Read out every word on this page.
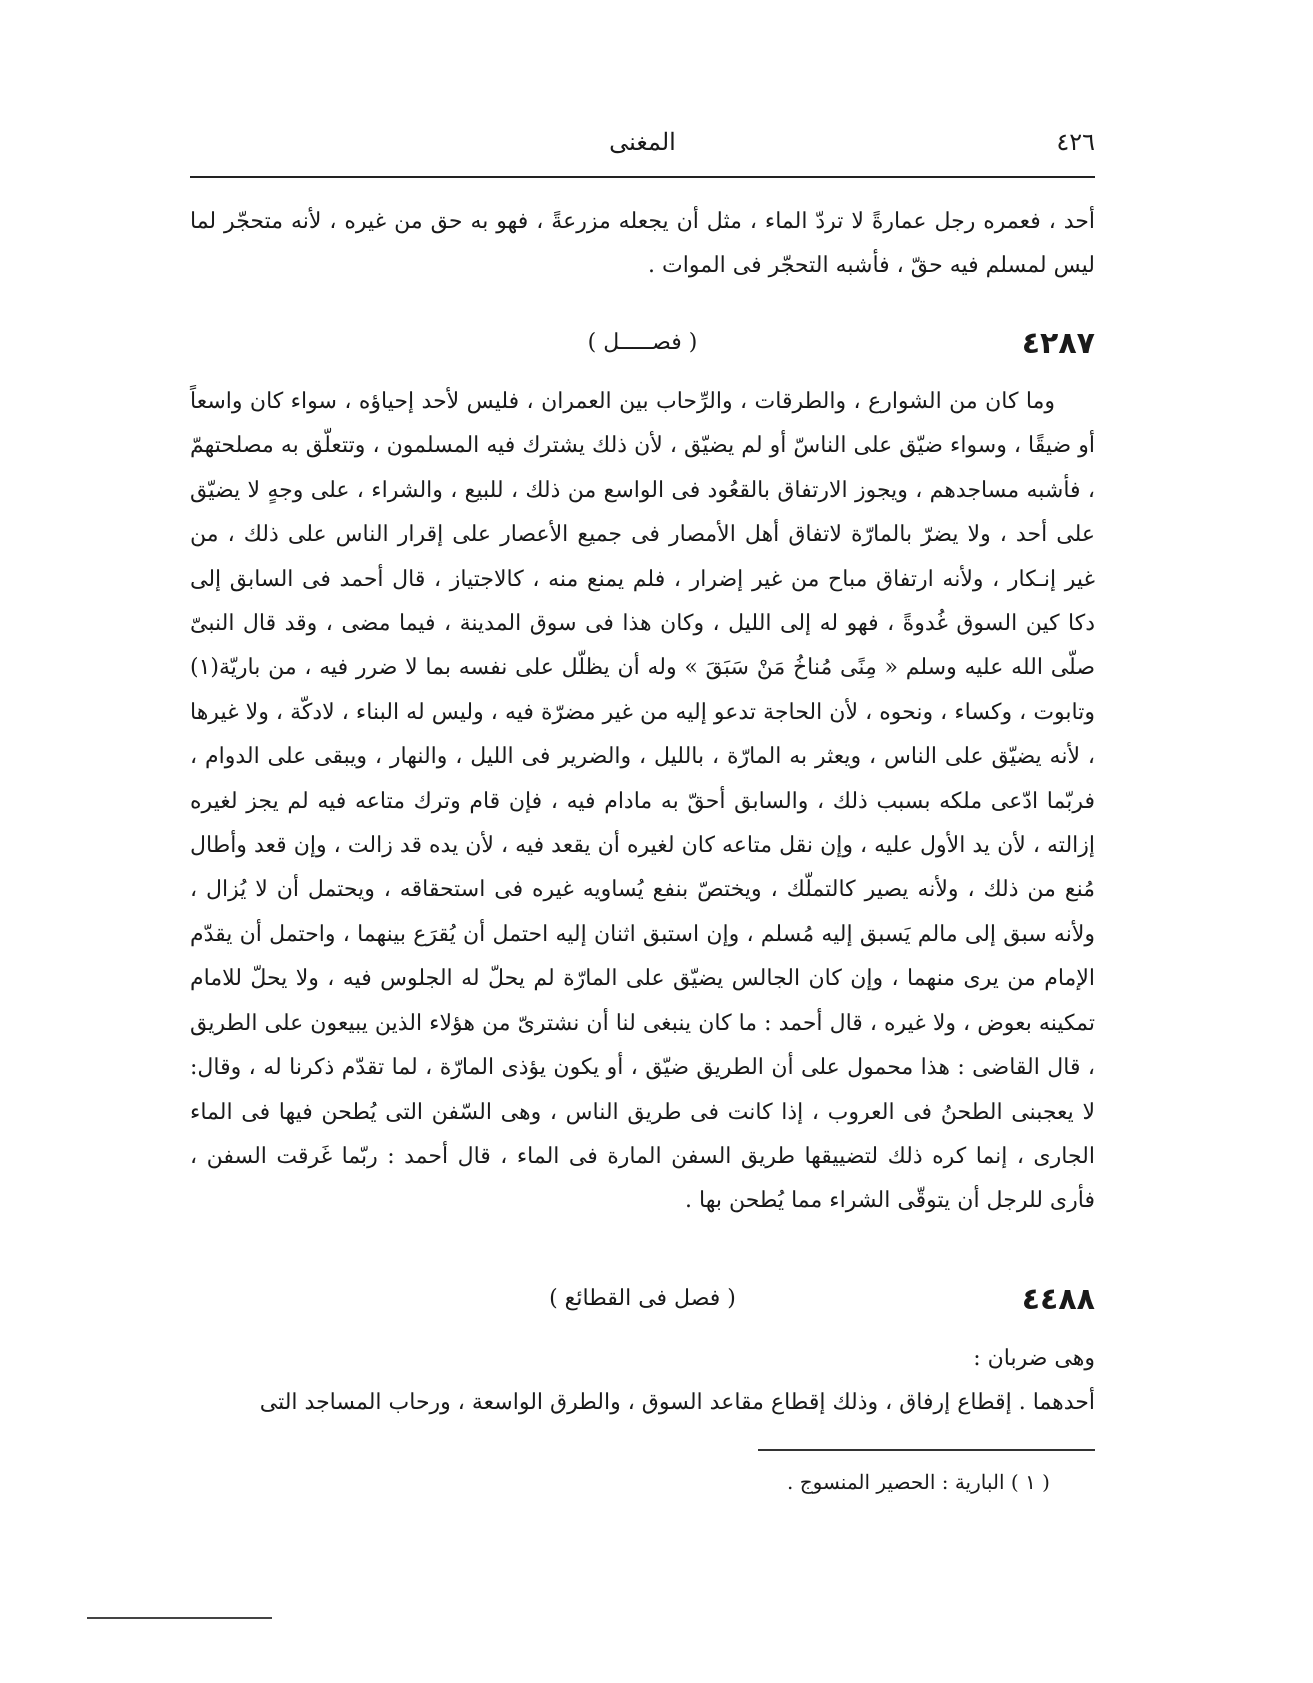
٤٢٦
المغنى

أحد ، فعمره رجل عمارةً لا تردّ الماء ، مثل أن يجعله مزرعةً ، فهو به حق من غيره ، لأنه متحجّر لما ليس لمسلم فيه حقّ ، فأشبه التحجّر فى الموات .

٤٢٨٧
( فصـــــل )

وما كان من الشوارع ، والطرقات ، والرِّحاب بين العمران ، فليس لأحد إحياؤه ، سواء كان واسعاً أو ضيقًا ، وسواء ضيّق على الناسّ أو لم يضيّق ، لأن ذلك يشترك فيه المسلمون ، وتتعلّق به مصلحتهمّ ، فأشبه مساجدهم ، ويجوز الارتفاق بالقعُود فى الواسع من ذلك ، للبيع ، والشراء ، على وجهٍ لا يضيّق على أحد ، ولا يضرّ بالمارّة لاتفاق أهل الأمصار فى جميع الأعصار على إقرار الناس على ذلك ، من غير إنـكار ، ولأنه ارتفاق مباح من غير إضرار ، فلم يمنع منه ، كالاجتياز ، قال أحمد فى السابق إلى دكا كين السوق غُدوةً ، فهو له إلى الليل ، وكان هذا فى سوق المدينة ، فيما مضى ، وقد قال النبىّ صلّى الله عليه وسلم « مِنًى مُناخُ مَنْ سَبَقَ » وله أن يظلّل على نفسه بما لا ضرر فيه ، من باريّة(١) وتابوت ، وكساء ، ونحوه ، لأن الحاجة تدعو إليه من غير مضرّة فيه ، وليس له البناء ، لادكّة ، ولا غيرها ، لأنه يضيّق على الناس ، ويعثر به المارّة ، بالليل ، والضرير فى الليل ، والنهار ، ويبقى على الدوام ، فربّما ادّعى ملكه بسبب ذلك ، والسابق أحقّ به مادام فيه ، فإن قام وترك متاعه فيه لم يجز لغيره إزالته ، لأن يد الأول عليه ، وإن نقل متاعه كان لغيره أن يقعد فيه ، لأن يده قد زالت ، وإن قعد وأطال مُنع من ذلك ، ولأنه يصير كالتملّك ، ويختصّ بنفع يُساويه غيره فى استحقاقه ، ويحتمل أن لا يُزال ، ولأنه سبق إلى مالم يَسبق إليه مُسلم ، وإن استبق اثنان إليه احتمل أن يُقرَع بينهما ، واحتمل أن يقدّم الإمام من يرى منهما ، وإن كان الجالس يضيّق على المارّة لم يحلّ له الجلوس فيه ، ولا يحلّ للامام تمكينه بعوض ، ولا غيره ، قال أحمد : ما كان ينبغى لنا أن نشترىّ من هؤلاء الذين يبيعون على الطريق ، قال القاضى : هذا محمول على أن الطريق ضيّق ، أو يكون يؤذى المارّة ، لما تقدّم ذكرنا له ، وقال: لا يعجبنى الطحنُ فى العروب ، إذا كانت فى طريق الناس ، وهى السّفن التى يُطحن فيها فى الماء الجارى ، إنما كره ذلك لتضييقها طريق السفن المارة فى الماء ، قال أحمد : ربّما غَرقت السفن ، فأرى للرجل أن يتوقّى الشراء مما يُطحن بها .

٤٤٨٨
( فصل فى القطائع )

وهى ضربان :

أحدهما . إقطاع إرفاق ، وذلك إقطاع مقاعد السوق ، والطرق الواسعة ، ورحاب المساجد التى

( ١ ) البارية : الحصير المنسوج .
